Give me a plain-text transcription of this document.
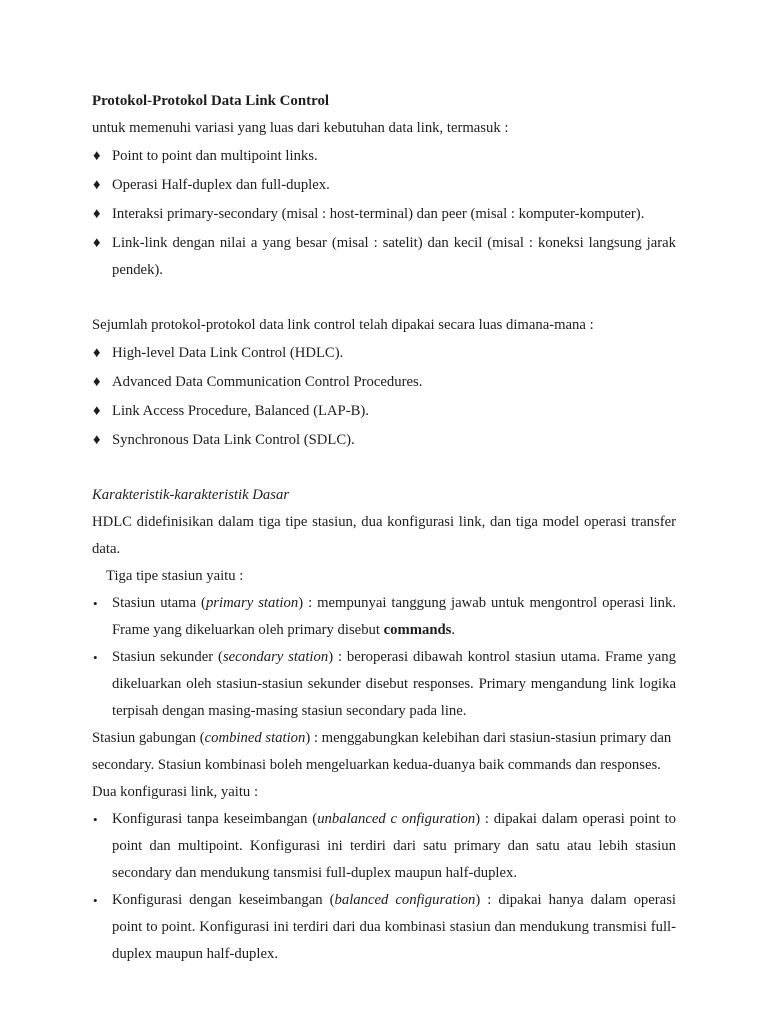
Protokol-Protokol Data Link Control

untuk memenuhi variasi yang luas dari kebutuhan data link, termasuk :

♦ Point to point dan multipoint links.
♦ Operasi Half-duplex dan full-duplex.
♦ Interaksi primary-secondary (misal : host-terminal) dan peer (misal : komputer-komputer).
♦ Link-link dengan nilai a yang besar (misal : satelit) dan kecil (misal : koneksi langsung jarak pendek).

Sejumlah protokol-protokol data link control telah dipakai secara luas dimana-mana :

♦ High-level Data Link Control (HDLC).
♦ Advanced Data Communication Control Procedures.
♦ Link Access Procedure, Balanced (LAP-B).
♦ Synchronous Data Link Control (SDLC).

Karakteristik-karakteristik Dasar

HDLC didefinisikan dalam tiga tipe stasiun, dua konfigurasi link, dan tiga model operasi transfer data.

Tiga tipe stasiun yaitu :

• Stasiun utama (primary station) : mempunyai tanggung jawab untuk mengontrol operasi link. Frame yang dikeluarkan oleh primary disebut commands.
• Stasiun sekunder (secondary station) : beroperasi dibawah kontrol stasiun utama. Frame yang dikeluarkan oleh stasiun-stasiun sekunder disebut responses. Primary mengandung link logika terpisah dengan masing-masing stasiun secondary pada line.

Stasiun gabungan (combined station) : menggabungkan kelebihan dari stasiun-stasiun primary dan secondary. Stasiun kombinasi boleh mengeluarkan kedua-duanya baik commands dan responses.

Dua konfigurasi link, yaitu :

• Konfigurasi tanpa keseimbangan (unbalanced c onfiguration) : dipakai dalam operasi point to point dan multipoint. Konfigurasi ini terdiri dari satu primary dan satu atau lebih stasiun secondary dan mendukung tansmisi full-duplex maupun half-duplex.
• Konfigurasi dengan keseimbangan (balanced configuration) : dipakai hanya dalam operasi point to point. Konfigurasi ini terdiri dari dua kombinasi stasiun dan mendukung transmisi full-duplex maupun half-duplex.
